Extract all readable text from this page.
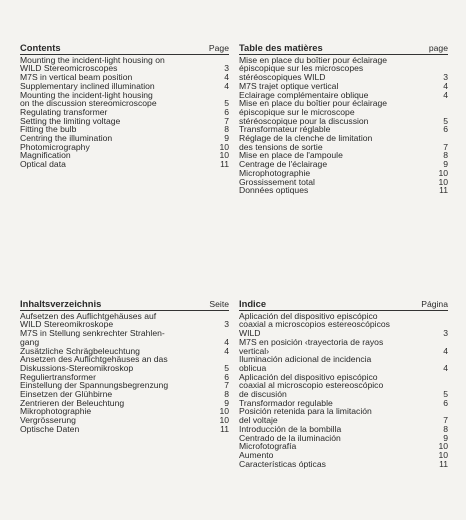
Contents	Page
Mounting the incident-light housing on
WILD Stereomicroscopes	3
M7S in vertical beam position	4
Supplementary inclined illumination	4
Mounting the incident-light housing
on the discussion stereomicroscope	5
Regulating transformer	6
Setting the limiting voltage	7
Fitting the bulb	8
Centring the illumination	9
Photomicrography	10
Magnification	10
Optical data	11
Table des matières	page
Mise en place du boîtier pour éclairage
épiscopique sur les microscopes
stéréoscopiques WILD	3
M7S trajet optique vertical	4
Eclairage complémentaire oblique	4
Mise en place du boîtier pour éclairage
épiscopique sur le microscope
stéréoscopique pour la discussion	5
Transformateur réglable	6
Réglage de la clenche de limitation
des tensions de sortie	7
Mise en place de l'ampoule	8
Centrage de l'éclairage	9
Microphotographie	10
Grossissement total	10
Données optiques	11
Inhaltsverzeichnis	Seite
Aufsetzen des Auflichtgehäuses auf
WILD Stereomikroskope	3
M7S in Stellung senkrechter Strahlen-
gang	4
Zusätzliche Schrägbeleuchtung	4
Ansetzen des Auflichtgehäuses an das
Diskussions-Stereomikroskop	5
Reguliertransformer	6
Einstellung der Spannungsbegrenzung	7
Einsetzen der Glühbirne	8
Zentrieren der Beleuchtung	9
Mikrophotographie	10
Vergrösserung	10
Optische Daten	11
Indice	Página
Aplicación del dispositivo episcópico
coaxial a microscopios estereoscópicos
WILD	3
M7S en posición ‹trayectoria de rayos
vertical›	4
Iluminación adicional de incidencia
oblicua	4
Aplicación del dispositivo episcópico
coaxial al microscopio estereoscópico
de discusión	5
Transformador regulable	6
Posición retenida para la limitación
del voltaje	7
Introducción de la bombilla	8
Centrado de la iluminación	9
Microfotografía	10
Aumento	10
Características ópticas	11
